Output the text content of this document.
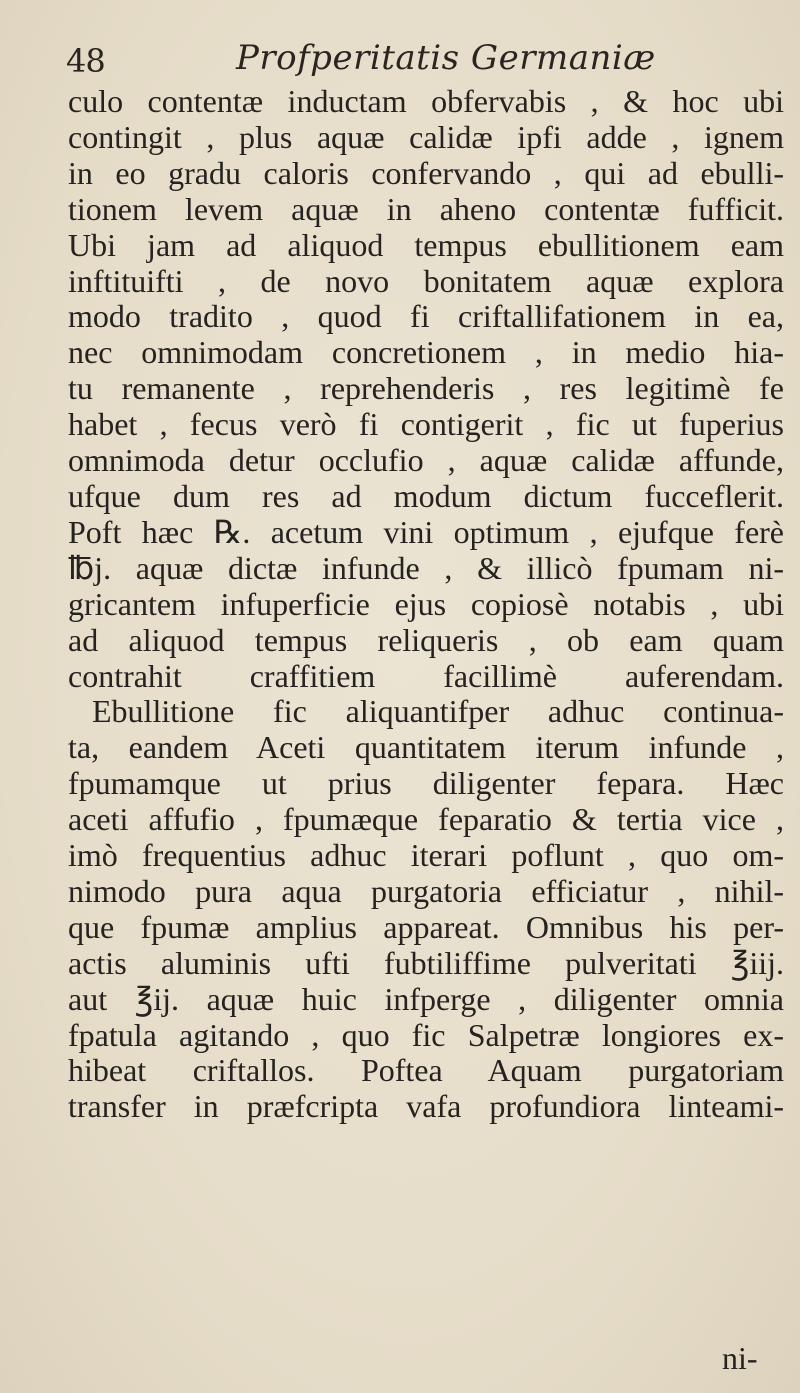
48	Profperitatis Germaniæ
culo contentæ inductam obfervabis , & hoc ubi
contingit , plus aquæ calidæ ipfi adde , ignem
in eo gradu caloris confervando , qui ad ebulli-
tionem levem aquæ in aheno contentæ fufficit.
Ubi jam ad aliquod tempus ebullitionem eam
inftituifti , de novo bonitatem aquæ explora
modo tradito , quod fi criftallifationem in ea,
nec omnimodam concretionem , in medio hia-
tu remanente , reprehenderis , res legitimè fe
habet , fecus verò fi contigerit , fic ut fuperius
omnimoda detur occlufio , aquæ calidæ affunde,
ufque dum res ad modum dictum fucceflerit.
Poft hæc ℞. acetum vini optimum , ejufque ferè
℔j. aquæ dictæ infunde , & illicò fpumam ni-
gricantem infuperficie ejus copiosè notabis , ubi
ad aliquod tempus reliqueris , ob eam quam
contrahit craffitiem facillimè auferendam.
Ebullitione fic aliquantifper adhuc continua-
ta, eandem Aceti quantitatem iterum infunde ,
fpumamque ut prius diligenter fepara. Hæc
aceti affufio , fpumæque feparatio & tertia vice ,
imò frequentius adhuc iterari poflunt , quo om-
nimodo pura aqua purgatoria efficiatur , nihil-
que fpumæ amplius appareat. Omnibus his per-
actis aluminis ufti fubtiliffime pulveritati ℥iij.
aut ℥ij. aquæ huic infperge , diligenter omnia
fpatula agitando , quo fic Salpetræ longiores ex-
hibeat criftallos. Poftea Aquam purgatoriam
transfer in præfcripta vafa profundiora linteami-
ni-
